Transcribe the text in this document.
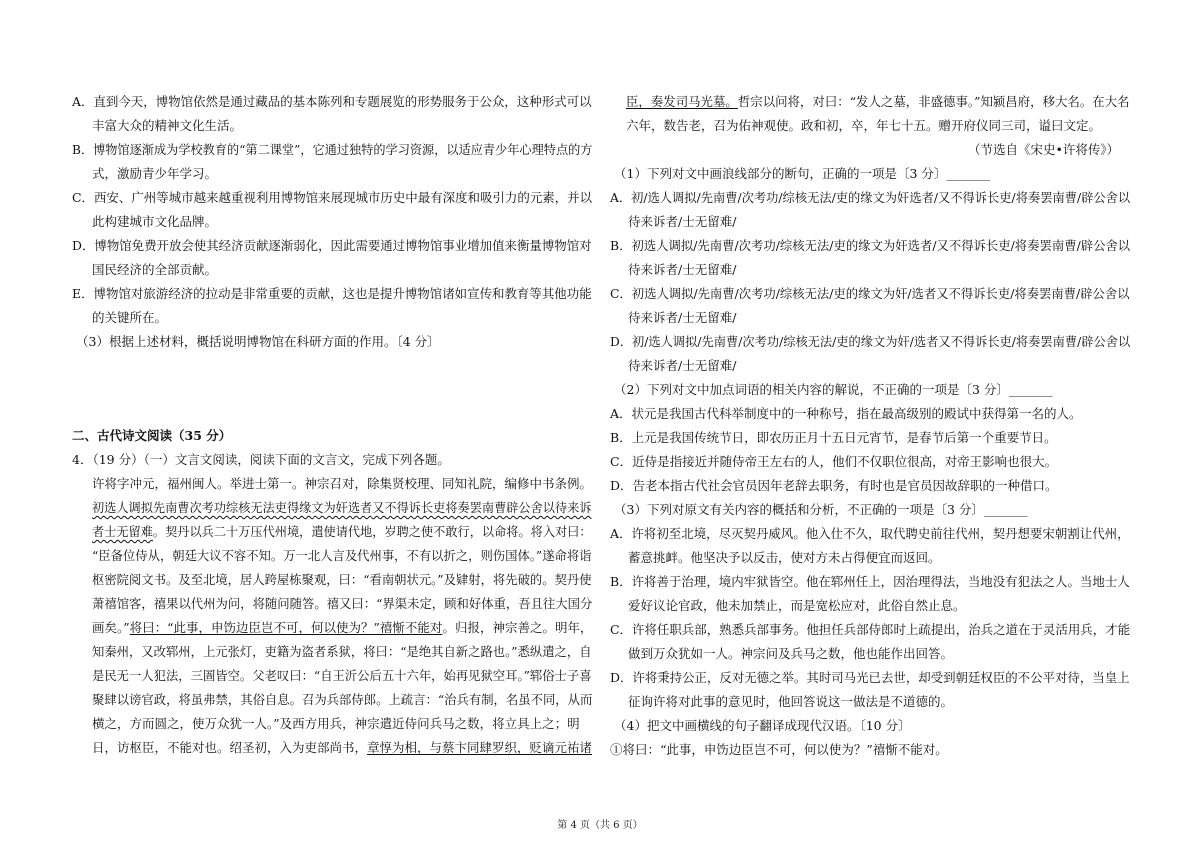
A．直到今天，博物馆依然是通过藏品的基本陈列和专题展览的形势服务于公众，这种形式可以
丰富大众的精神文化生活。
B．博物馆逐渐成为学校教育的“第二课堂”，它通过独特的学习资源，以适应青少年心理特点的方
式，激励青少年学习。
C．西安、广州等城市越来越重视利用博物馆来展现城市历史中最有深度和吸引力的元素，并以
此构建城市文化品牌。
D．博物馆免费开放会使其经济贡献逐渐弱化，因此需要通过博物馆事业增加值来衡量博物馆对
国民经济的全部贡献。
E．博物馆对旅游经济的拉动是非常重要的贡献，这也是提升博物馆诸如宣传和教育等其他功能
的关键所在。
（3）根据上述材料，概括说明博物馆在科研方面的作用。〔4 分〕
二、古代诗文阅读（35 分）
4．（19 分）（一）文言文阅读，阅读下面的文言文，完成下列各题。
许将字冲元，福州闽人。举进士第一。神宗召对，除集贤校理、同知礼院，编修中书条例。
初选人调拟先南曹次考功综核无法吏得缘文为奸选者又不得诉长吏将奏罢南曹辟公舍以待来诉
者士无留难。契丹以兵二十万压代州境，遣使请代地，岁聘之使不敢行，以命将。将入对曰：
“臣备位侍从，朝廷大议不容不知。万一北人言及代州事，不有以折之，则伤国体。”遂命将诣
枢密院阅文书。及至北境，居人跨屋栋聚观，曰：“看南朝状元。”及肄射，将先破的。契丹使
萧禧馆客，禧果以代州为问，将随问随答。禧又曰：“界渠未定，顾和好体重，吾且往大国分
画矣。”将曰：“此事，申饬边臣岂不可，何以使为？”禧惭不能对。归报，神宗善之。明年，
知秦州，又改郓州，上元张灯，吏籍为盗者系狱，将曰：“是绝其自新之路也。”悉纵遣之，自
是民无一人犯法，三圄皆空。父老叹曰：“自王沂公后五十六年，始再见狱空耳。”郓俗士子喜
聚肆以谤官政，将虽弗禁，其俗自息。召为兵部侍郎。上疏言：“治兵有制，名虽不同，从而
横之，方而圆之，使万众犹一人。”及西方用兵，神宗遣近侍问兵马之数，将立具上之；明
日，访枢臣，不能对也。绍圣初，入为吏部尚书，章惇为相，与蔡卞同肆罗织，贬谪元祐诸
臣，奏发司马光墓。哲宗以问将，对曰：“发人之墓，非盛德事。”知颍昌府，移大名。在大名
六年，数告老，召为佑神观使。政和初，卒，年七十五。赠开府仪同三司，谥曰文定。
（节选自《宋史•许将传》）
（1）下列对文中画浪线部分的断句，正确的一项是〔3 分〕_______
A．初/选人调拟/先南曹/次考功/综核无法/吏的缘文为奸选者/又不得诉长吏/将奏罢南曹/辟公舍以
待来诉者/士无留难/
B．初选人调拟/先南曹/次考功/综核无法/吏的缘文为奸选者/又不得诉长吏/将奏罢南曹/辟公舍以
待来诉者/士无留难/
C．初选人调拟/先南曹/次考功/综核无法/吏的缘文为奸/选者又不得诉长吏/将奏罢南曹/辟公舍以
待来诉者/士无留难/
D．初/选人调拟/先南曹/次考功/综核无法/吏的缘文为奸/选者又不得诉长吏/将奏罢南曹/辟公舍以
待来诉者/士无留难/
（2）下列对文中加点词语的相关内容的解说，不正确的一项是〔3 分〕_______
A．状元是我国古代科举制度中的一种称号，指在最高级别的殿试中获得第一名的人。
B．上元是我国传统节日，即农历正月十五日元宵节，是春节后第一个重要节日。
C．近侍是指接近并随侍帝王左右的人，他们不仅职位很高，对帝王影响也很大。
D．告老本指古代社会官员因年老辞去职务，有时也是官员因故辞职的一种借口。
（3）下列对原文有关内容的概括和分析，不正确的一项是〔3 分〕_______
A．许将初至北境，尽灭契丹威风。他入仕不久，取代聘史前往代州，契丹想要宋朝割让代州，
蓄意挑衅。他坚决予以反击，使对方未占得便宜而返回。
B．许将善于治理，境内牢狱皆空。他在郓州任上，因治理得法，当地没有犯法之人。当地士人
爱好议论官政，他未加禁止，而是宽松应对，此俗自然止息。
C．许将任职兵部，熟悉兵部事务。他担任兵部侍郎时上疏提出，治兵之道在于灵活用兵，才能
做到万众犹如一人。神宗问及兵马之数，他也能作出回答。
D．许将秉持公正，反对无德之举。其时司马光已去世，却受到朝廷权臣的不公平对待，当皇上
征询许将对此事的意见时，他回答说这一做法是不道德的。
（4）把文中画横线的句子翻译成现代汉语。〔10 分〕
①将曰：“此事，申饬边臣岂不可，何以使为？”禧惭不能对。
第 4 页（共 6 页）
